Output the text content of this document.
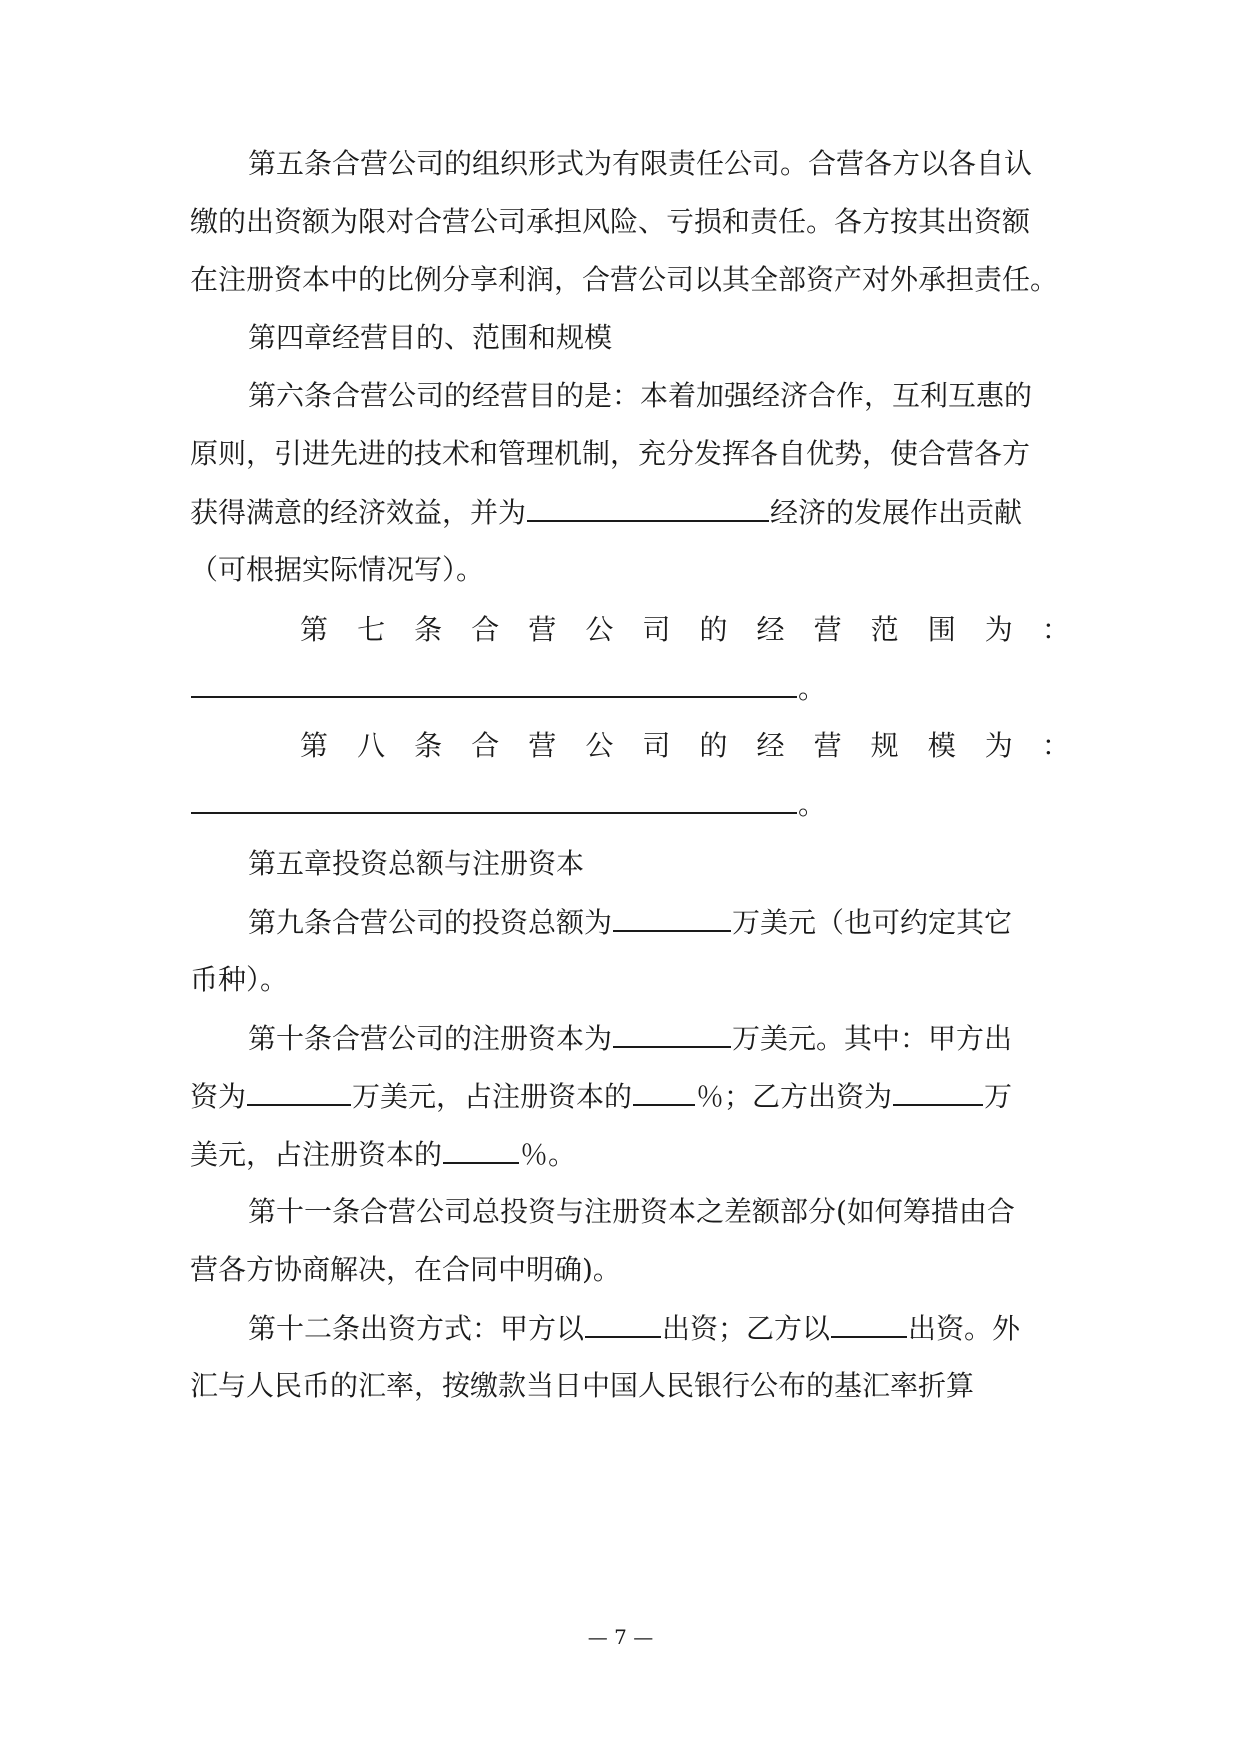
第五条合营公司的组织形式为有限责任公司。合营各方以各自认
缴的出资额为限对合营公司承担风险、亏损和责任。各方按其出资额
在注册资本中的比例分享利润，合营公司以其全部资产对外承担责任。
第四章经营目的、范围和规模
第六条合营公司的经营目的是：本着加强经济合作，互利互惠的
原则，引进先进的技术和管理机制，充分发挥各自优势，使合营各方
获得满意的经济效益，并为	经济的发展作出贡献
（可根据实际情况写）。
第 七 条 合 营 公 司 的 经 营 范 围 为 ：
。
第 八 条 合 营 公 司 的 经 营 规 模 为 ：
。
第五章投资总额与注册资本
第九条合营公司的投资总额为	万美元（也可约定其它
币种）。
第十条合营公司的注册资本为	万美元。其中：甲方出
资为	万美元，占注册资本的 ％；乙方出资为	万
美元，占注册资本的	％。
第十一条合营公司总投资与注册资本之差额部分(如何筹措由合
营各方协商解决，在合同中明确)。
第十二条出资方式：甲方以	出资；乙方以	出资。外
汇与人民币的汇率，按缴款当日中国人民银行公布的基汇率折算
— 7 —
